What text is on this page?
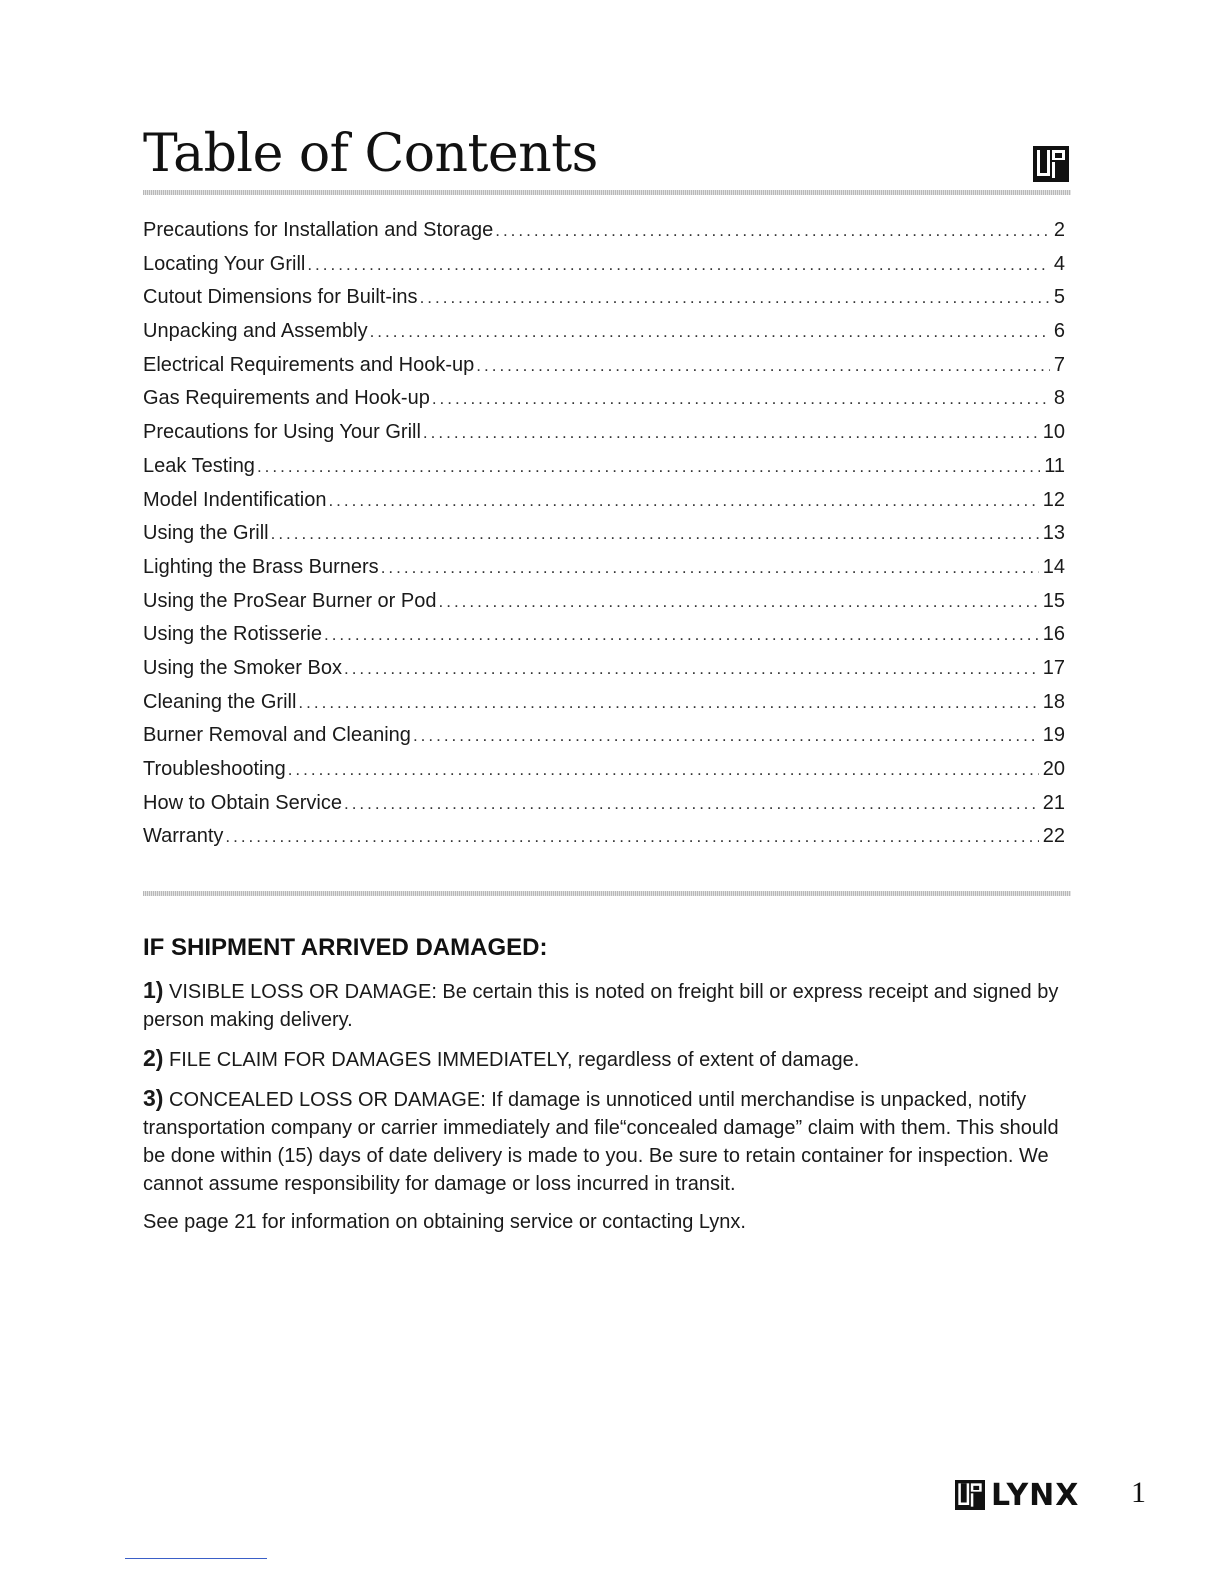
Table of Contents
Precautions for Installation and Storage .....	2
Locating Your Grill .....	4
Cutout Dimensions for Built-ins .....	5
Unpacking and Assembly .....	6
Electrical Requirements and Hook-up .....	7
Gas Requirements and Hook-up .....	8
Precautions for Using Your Grill .....	10
Leak Testing .....	11
Model Indentification .....	12
Using the Grill .....	13
Lighting the Brass Burners .....	14
Using the ProSear Burner or Pod .....	15
Using the Rotisserie .....	16
Using the Smoker Box .....	17
Cleaning the Grill .....	18
Burner Removal and Cleaning .....	19
Troubleshooting .....	20
How to Obtain Service .....	21
Warranty .....	22

IF SHIPMENT ARRIVED DAMAGED:

1) VISIBLE LOSS OR DAMAGE: Be certain this is noted on freight bill or express receipt and signed by person making delivery.

2) FILE CLAIM FOR DAMAGES IMMEDIATELY, regardless of extent of damage.

3) CONCEALED LOSS OR DAMAGE: If damage is unnoticed until merchandise is unpacked, notify transportation company or carrier immediately and file“concealed damage” claim with them. This should be done within (15) days of date delivery is made to you. Be sure to retain container for inspection. We cannot assume responsibility for damage or loss incurred in transit.

See page 21 for information on obtaining service or contacting Lynx.

LYNX 1
